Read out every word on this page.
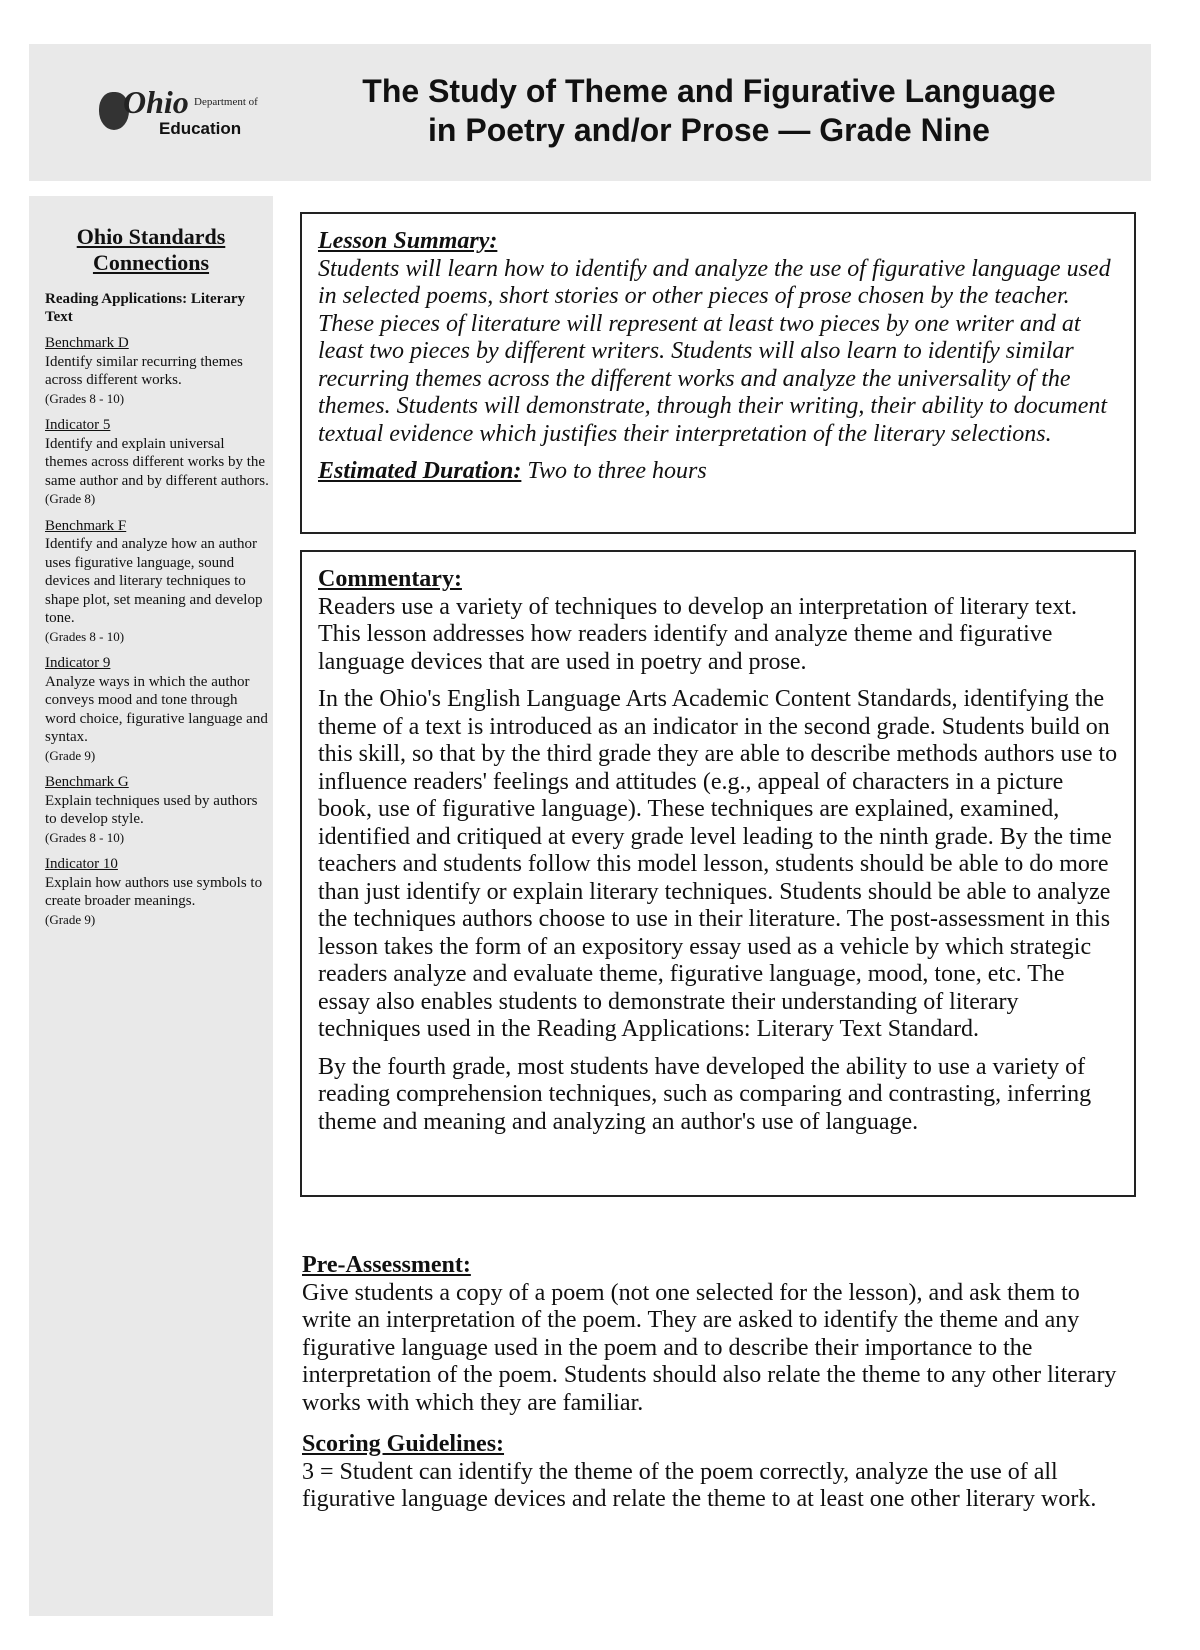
Ohio Department of
Education
The Study of Theme and Figurative Language
in Poetry and/or Prose — Grade Nine
Ohio Standards
Connections
Reading Applications: Literary Text
Benchmark D
Identify similar recurring themes across different works.
(Grades 8 - 10)
Indicator 5
Identify and explain universal themes across different works by the same author and by different authors.
(Grade 8)
Benchmark F
Identify and analyze how an author uses figurative language, sound devices and literary techniques to shape plot, set meaning and develop tone.
(Grades 8 - 10)
Indicator 9
Analyze ways in which the author conveys mood and tone through word choice, figurative language and syntax.
(Grade 9)
Benchmark G
Explain techniques used by authors to develop style.
(Grades 8 - 10)
Indicator 10
Explain how authors use symbols to create broader meanings.
(Grade 9)
Lesson Summary:

Students will learn how to identify and analyze the use of figurative language used in selected poems, short stories or other pieces of prose chosen by the teacher. These pieces of literature will represent at least two pieces by one writer and at least two pieces by different writers. Students will also learn to identify similar recurring themes across the different works and analyze the universality of the themes. Students will demonstrate, through their writing, their ability to document textual evidence which justifies their interpretation of the literary selections.

Estimated Duration: Two to three hours

Commentary:

Readers use a variety of techniques to develop an interpretation of literary text. This lesson addresses how readers identify and analyze theme and figurative language devices that are used in poetry and prose.

In the Ohio's English Language Arts Academic Content Standards, identifying the theme of a text is introduced as an indicator in the second grade. Students build on this skill, so that by the third grade they are able to describe methods authors use to influence readers' feelings and attitudes (e.g., appeal of characters in a picture book, use of figurative language). These techniques are explained, examined, identified and critiqued at every grade level leading to the ninth grade. By the time teachers and students follow this model lesson, students should be able to do more than just identify or explain literary techniques. Students should be able to analyze the techniques authors choose to use in their literature. The post-assessment in this lesson takes the form of an expository essay used as a vehicle by which strategic readers analyze and evaluate theme, figurative language, mood, tone, etc. The essay also enables students to demonstrate their understanding of literary techniques used in the Reading Applications: Literary Text Standard.

By the fourth grade, most students have developed the ability to use a variety of reading comprehension techniques, such as comparing and contrasting, inferring theme and meaning and analyzing an author's use of language.

Pre-Assessment:

Give students a copy of a poem (not one selected for the lesson), and ask them to write an interpretation of the poem. They are asked to identify the theme and any figurative language used in the poem and to describe their importance to the interpretation of the poem. Students should also relate the theme to any other literary works with which they are familiar.

Scoring Guidelines:

3 = Student can identify the theme of the poem correctly, analyze the use of all figurative language devices and relate the theme to at least one other literary work.
